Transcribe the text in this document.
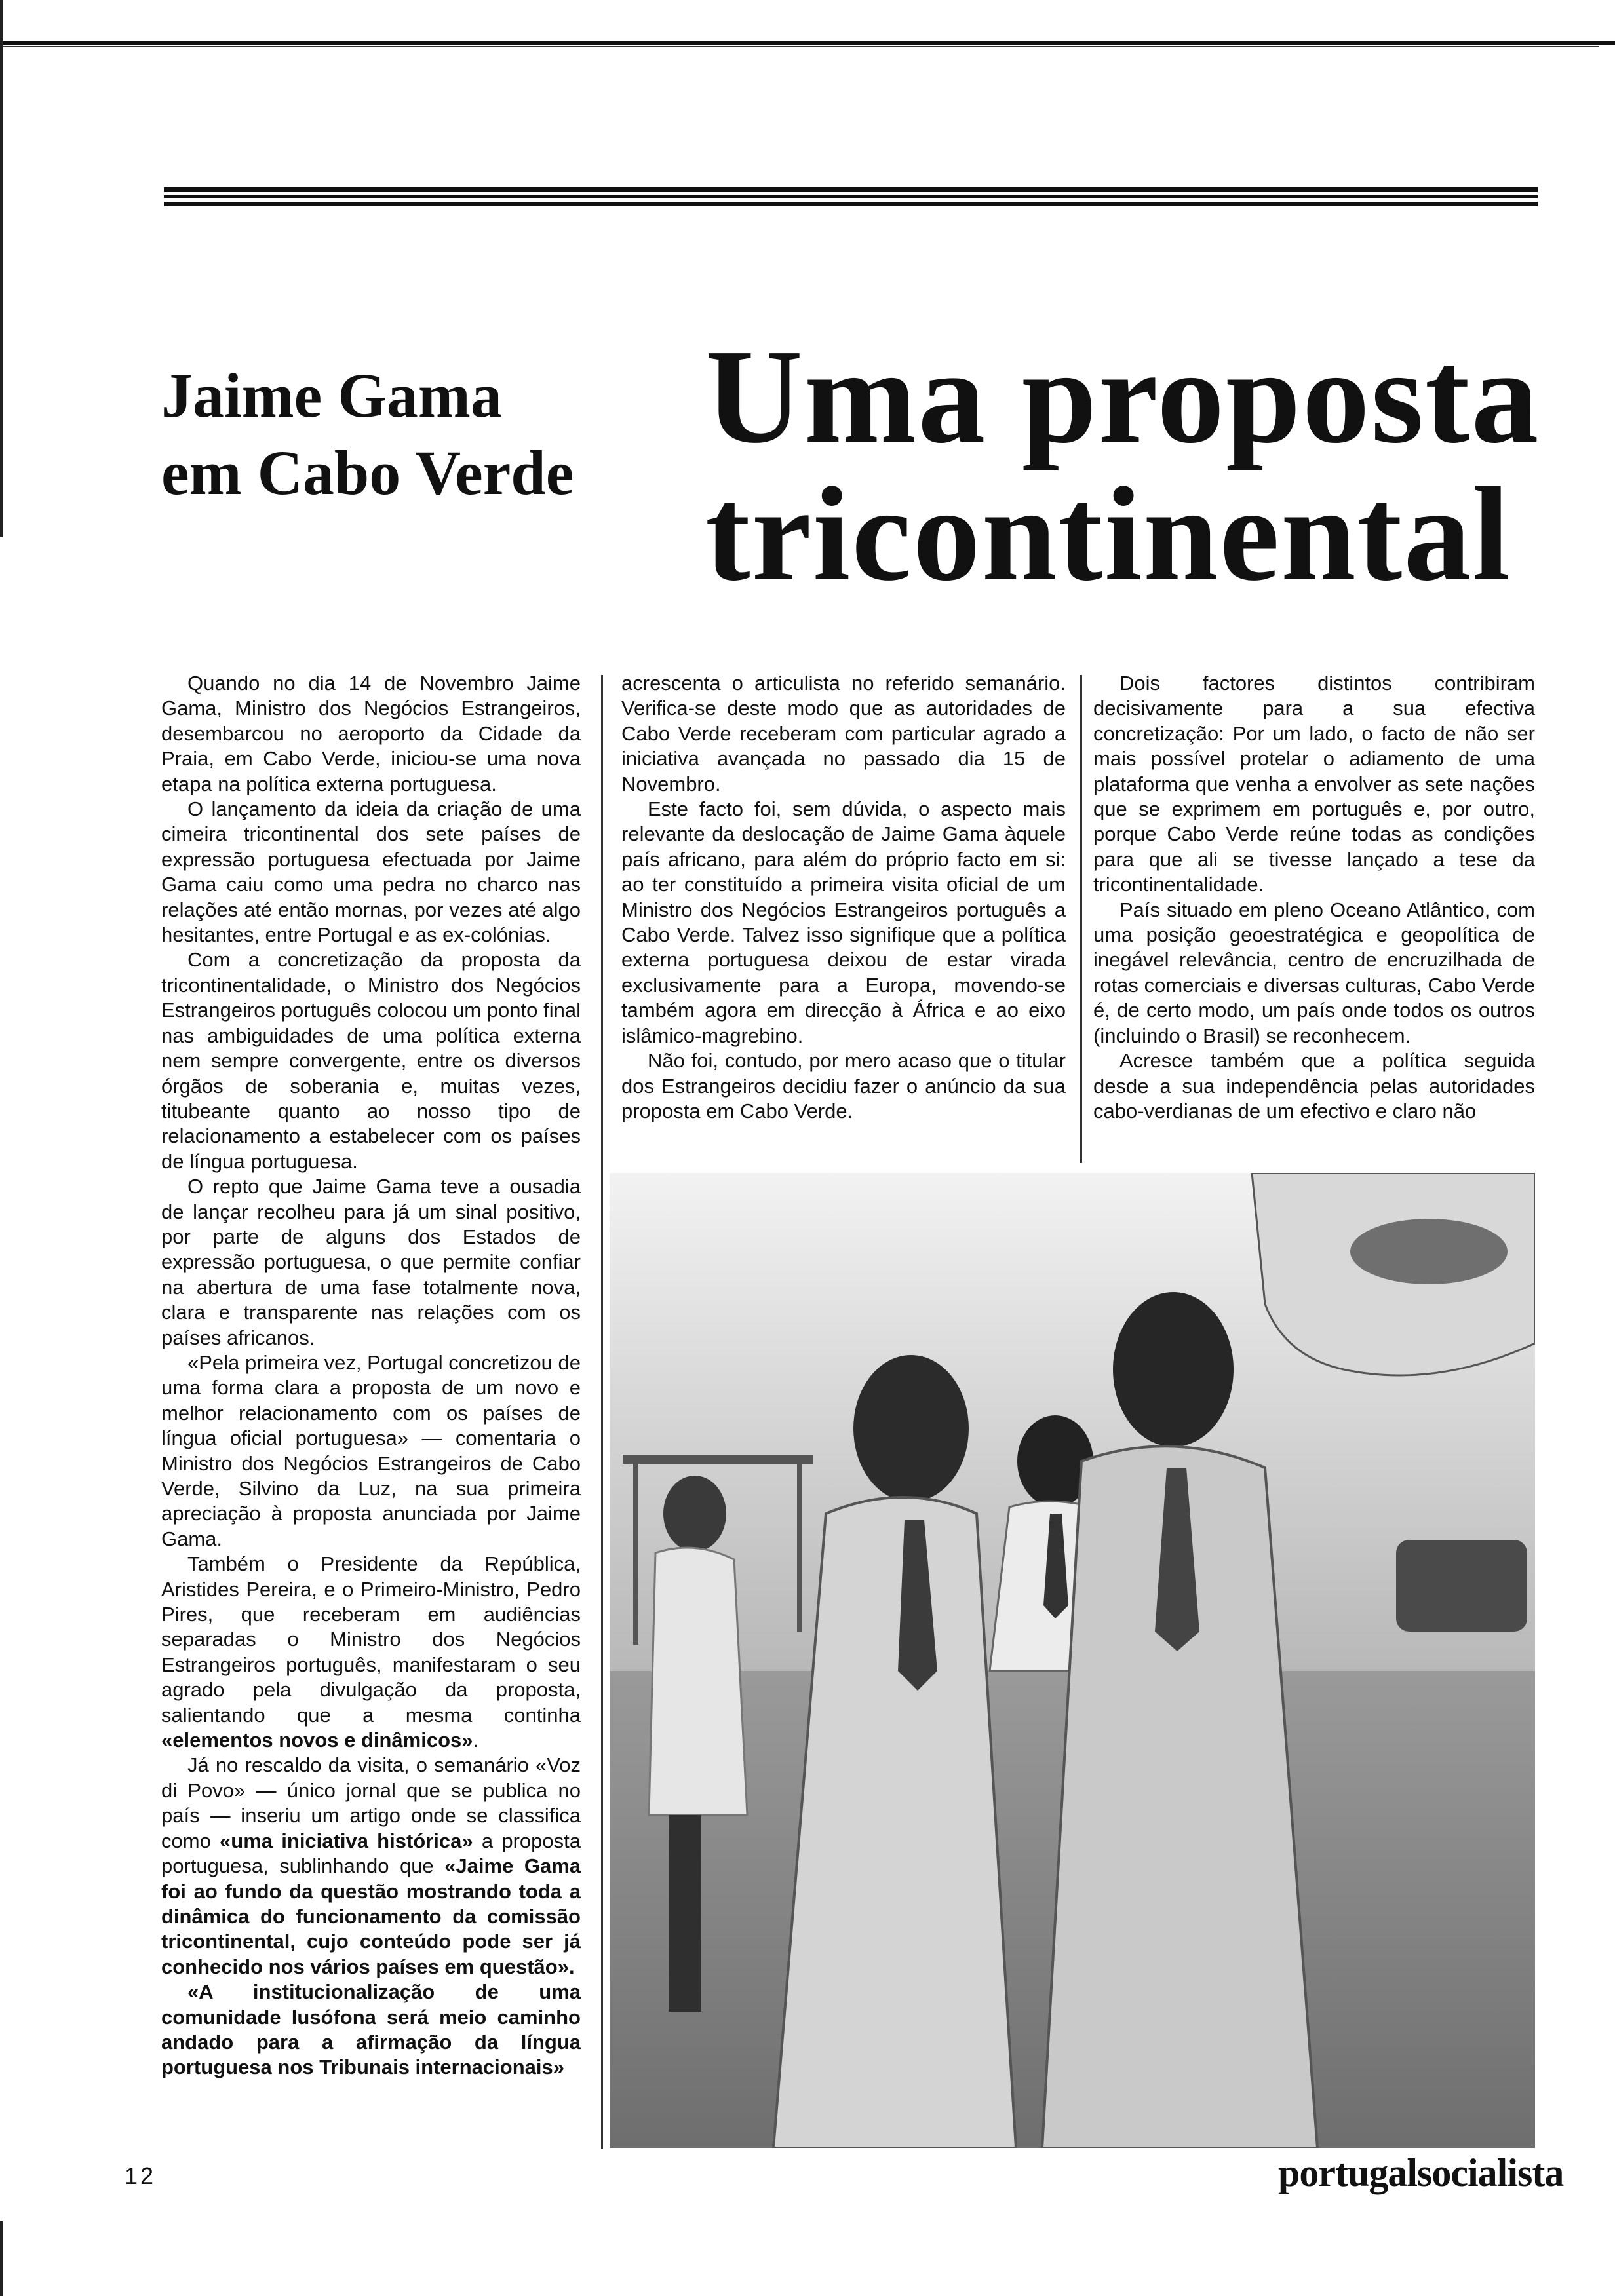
Jaime Gama
em Cabo Verde
Uma proposta
tricontinental

Quando no dia 14 de Novembro Jaime Gama, Ministro dos Negócios Estrangeiros, desembarcou no aeroporto da Cidade da Praia, em Cabo Verde, iniciou-se uma nova etapa na política externa portuguesa.

O lançamento da ideia da criação de uma cimeira tricontinental dos sete países de expressão portuguesa efectuada por Jaime Gama caiu como uma pedra no charco nas relações até então mornas, por vezes até algo hesitantes, entre Portugal e as ex-colónias.

Com a concretização da proposta da tricontinentalidade, o Ministro dos Negócios Estrangeiros português colocou um ponto final nas ambiguidades de uma política externa nem sempre convergente, entre os diversos órgãos de soberania e, muitas vezes, titubeante quanto ao nosso tipo de relacionamento a estabelecer com os países de língua portuguesa.

O repto que Jaime Gama teve a ousadia de lançar recolheu para já um sinal positivo, por parte de alguns dos Estados de expressão portuguesa, o que permite confiar na abertura de uma fase totalmente nova, clara e transparente nas relações com os países africanos.

«Pela primeira vez, Portugal concretizou de uma forma clara a proposta de um novo e melhor relacionamento com os países de língua oficial portuguesa» — comentaria o Ministro dos Negócios Estrangeiros de Cabo Verde, Silvino da Luz, na sua primeira apreciação à proposta anunciada por Jaime Gama.

Também o Presidente da República, Aristides Pereira, e o Primeiro-Ministro, Pedro Pires, que receberam em audiências separadas o Ministro dos Negócios Estrangeiros português, manifestaram o seu agrado pela divulgação da proposta, salientando que a mesma continha «elementos novos e dinâmicos».

Já no rescaldo da visita, o semanário «Voz di Povo» — único jornal que se publica no país — inseriu um artigo onde se classifica como «uma iniciativa histórica» a proposta portuguesa, sublinhando que «Jaime Gama foi ao fundo da questão mostrando toda a dinâmica do funcionamento da comissão tricontinental, cujo conteúdo pode ser já conhecido nos vários países em questão».

«A institucionalização de uma comunidade lusófona será meio caminho andado para a afirmação da língua portuguesa nos Tribunais internacionais»

acrescenta o articulista no referido semanário. Verifica-se deste modo que as autoridades de Cabo Verde receberam com particular agrado a iniciativa avançada no passado dia 15 de Novembro.

Este facto foi, sem dúvida, o aspecto mais relevante da deslocação de Jaime Gama àquele país africano, para além do próprio facto em si: ao ter constituído a primeira visita oficial de um Ministro dos Negócios Estrangeiros português a Cabo Verde. Talvez isso signifique que a política externa portuguesa deixou de estar virada exclusivamente para a Europa, movendo-se também agora em direcção à África e ao eixo islâmico-magrebino.

Não foi, contudo, por mero acaso que o titular dos Estrangeiros decidiu fazer o anúncio da sua proposta em Cabo Verde.

Dois factores distintos contribiram decisivamente para a sua efectiva concretização: Por um lado, o facto de não ser mais possível protelar o adiamento de uma plataforma que venha a envolver as sete nações que se exprimem em português e, por outro, porque Cabo Verde reúne todas as condições para que ali se tivesse lançado a tese da tricontinentalidade.

País situado em pleno Oceano Atlântico, com uma posição geoestratégica e geopolítica de inegável relevância, centro de encruzilhada de rotas comerciais e diversas culturas, Cabo Verde é, de certo modo, um país onde todos os outros (incluindo o Brasil) se reconhecem.

Acresce também que a política seguida desde a sua independência pelas autoridades cabo-verdianas de um efectivo e claro não

12	portugalsocialista
